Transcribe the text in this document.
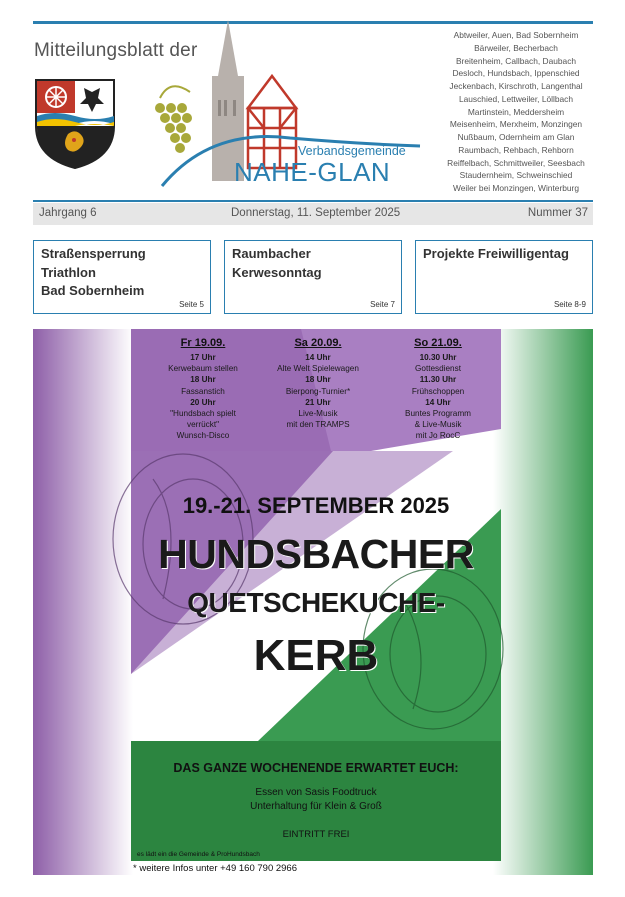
Mitteilungsblatt der
Verbandsgemeinde
NAHE-GLAN
Abtweiler, Auen, Bad Sobernheim
Bärweiler, Becherbach
Breitenheim, Callbach, Daubach
Desloch, Hundsbach, Ippenschied
Jeckenbach, Kirschroth, Langenthal
Lauschied, Lettweiler, Löllbach
Martinstein, Meddersheim
Meisenheim, Merxheim, Monzingen
Nußbaum, Odernheim am Glan
Raumbach, Rehbach, Rehborn
Reiffelbach, Schmittweiler, Seesbach
Staudernheim, Schweinschied
Weiler bei Monzingen, Winterburg
Jahrgang 6	Donnerstag, 11. September 2025	Nummer 37
Straßensperrung
Triathlon
Bad Sobernheim
Seite 5
Raumbacher
Kerwesonntag
Seite 7
Projekte Freiwilligentag
Seite 8-9
Fr 19.09.
17 Uhr
Kerwebaum stellen
18 Uhr
Fassanstich
20 Uhr
"Hundsbach spielt
verrückt"
Wunsch-Disco
Sa 20.09.
14 Uhr
Alte Welt Spielewagen
18 Uhr
Bierpong-Turnier*
21 Uhr
Live-Musik
mit den TRAMPS
So 21.09.
10.30 Uhr
Gottesdienst
11.30 Uhr
Frühschoppen
14 Uhr
Buntes Programm
& Live-Musik
mit Jo RocC
19.-21. SEPTEMBER 2025
HUNDSBACHER
QUETSCHEKUCHE-
KERB
DAS GANZE WOCHENENDE ERWARTET EUCH:
Essen von Sasis Foodtruck
Unterhaltung für Klein & Groß
EINTRITT FREI
es lädt ein die Gemeinde & ProHundsbach
* weitere Infos unter +49 160 790 2966
